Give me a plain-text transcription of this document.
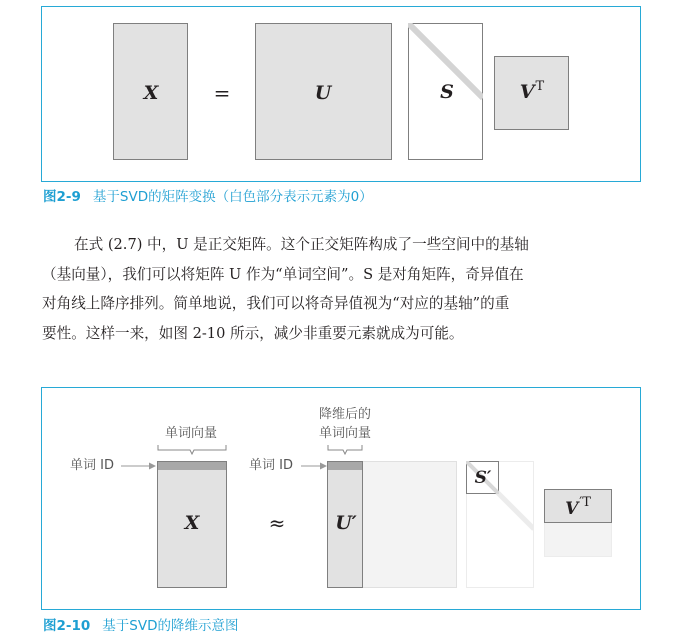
X	=	U	S	$V^T$
图2-9 基于SVD的矩阵变换（白色部分表示元素为0）
在式 (2.7) 中，U 是正交矩阵。这个正交矩阵构成了一些空间中的基轴
（基向量），我们可以将矩阵 U 作为“单词空间”。S 是对角矩阵，奇异值在
对角线上降序排列。简单地说，我们可以将奇异值视为“对应的基轴”的重
要性。这样一来，如图 2-10 所示，减少非重要元素就成为可能。
单词向量
降维后的
单词向量
单词 ID	单词 ID
X	≈	U′
S′
$V^{'T}$
图2-10 基于SVD的降维示意图
